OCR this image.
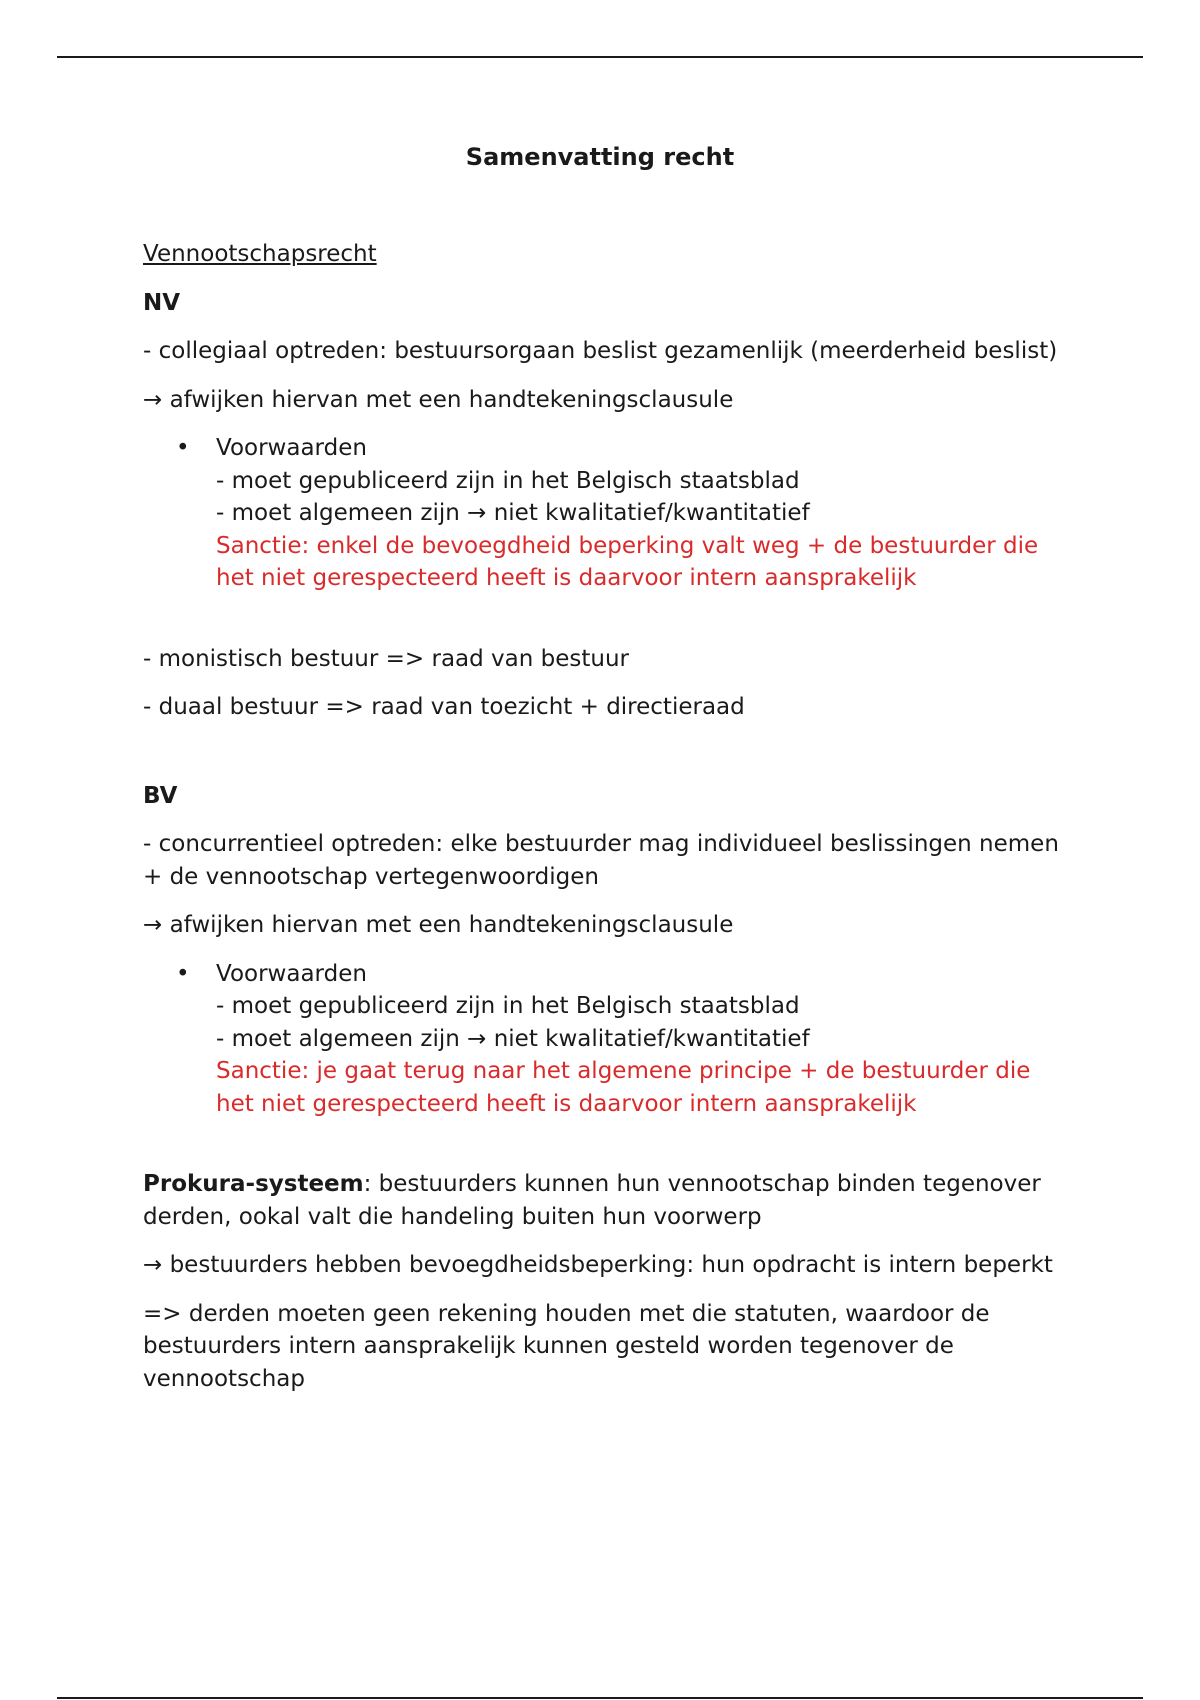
Samenvatting recht

Vennootschapsrecht

NV

- collegiaal optreden: bestuursorgaan beslist gezamenlijk (meerderheid beslist)

→ afwijken hiervan met een handtekeningsclausule

• Voorwaarden
- moet gepubliceerd zijn in het Belgisch staatsblad
- moet algemeen zijn → niet kwalitatief/kwantitatief
Sanctie: enkel de bevoegdheid beperking valt weg + de bestuurder die het niet gerespecteerd heeft is daarvoor intern aansprakelijk

- monistisch bestuur => raad van bestuur

- duaal bestuur => raad van toezicht + directieraad

BV

- concurrentieel optreden: elke bestuurder mag individueel beslissingen nemen + de vennootschap vertegenwoordigen

→ afwijken hiervan met een handtekeningsclausule

• Voorwaarden
- moet gepubliceerd zijn in het Belgisch staatsblad
- moet algemeen zijn → niet kwalitatief/kwantitatief
Sanctie: je gaat terug naar het algemene principe + de bestuurder die het niet gerespecteerd heeft is daarvoor intern aansprakelijk

Prokura-systeem: bestuurders kunnen hun vennootschap binden tegenover derden, ookal valt die handeling buiten hun voorwerp

→ bestuurders hebben bevoegdheidsbeperking: hun opdracht is intern beperkt

=> derden moeten geen rekening houden met die statuten, waardoor de bestuurders intern aansprakelijk kunnen gesteld worden tegenover de vennootschap
